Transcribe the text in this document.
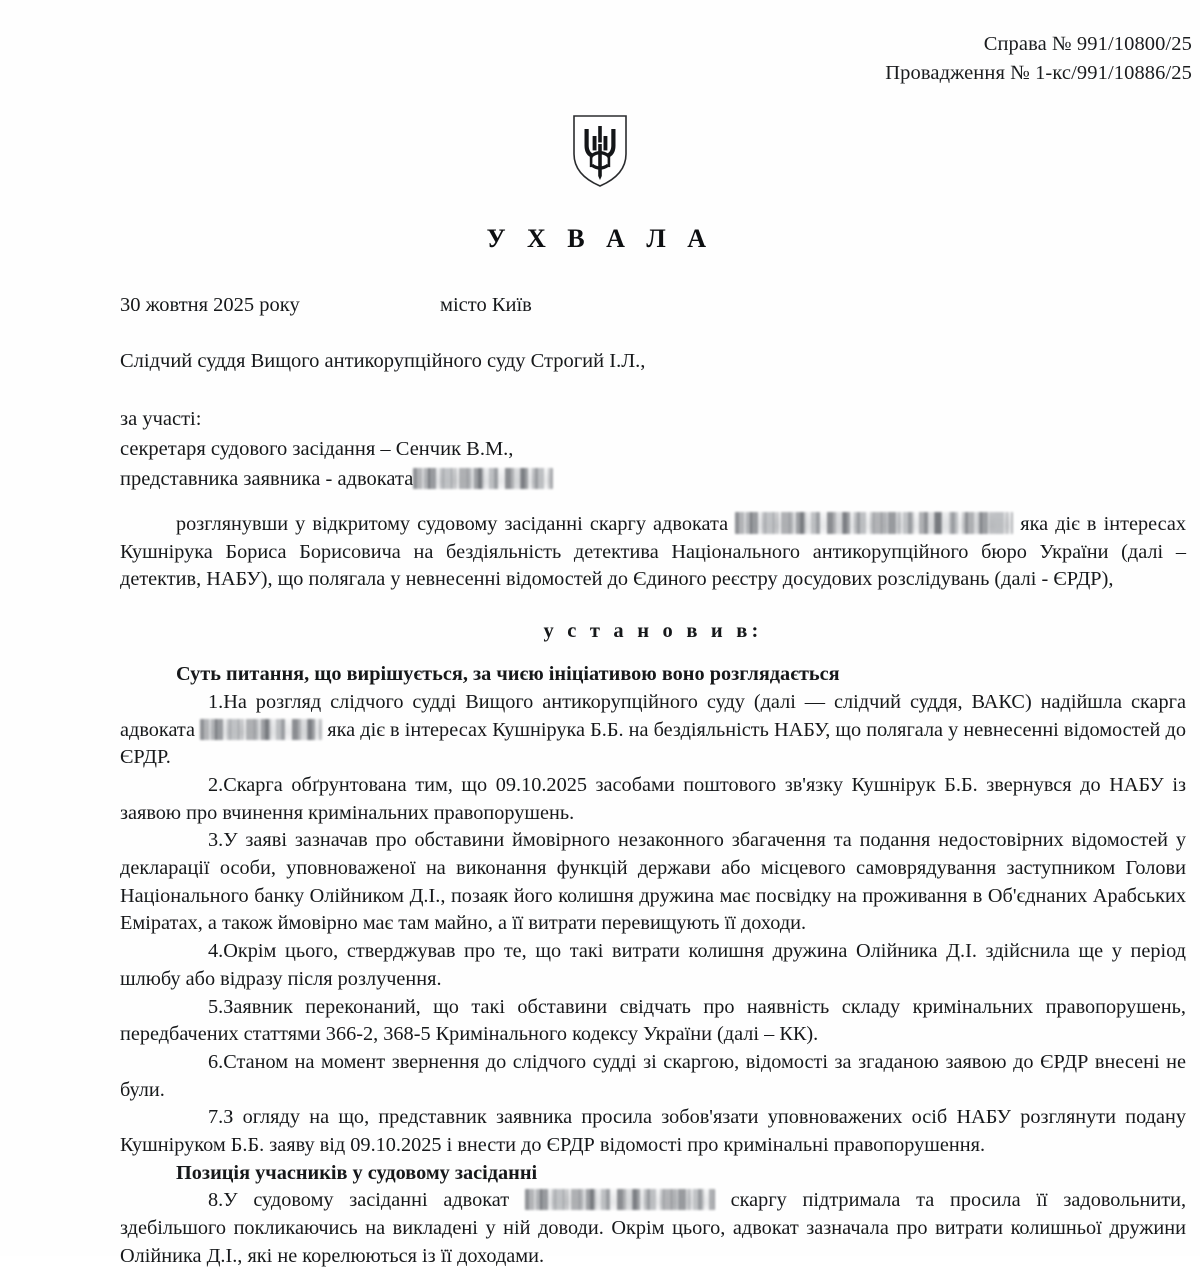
Справа № 991/10800/25
Провадження № 1-кс/991/10886/25
У Х В А Л А
30 жовтня 2025 року	місто Київ
Слідчий суддя Вищого антикорупційного суду Строгий І.Л.,
за участі:
секретаря судового засідання – Сенчик В.М.,
представника заявника - адвоката

розглянувши у відкритому судовому засіданні скаргу адвоката	яка діє в інтересах Кушнірука Бориса Борисовича на бездіяльність детектива Національного антикорупційного бюро України (далі – детектив, НАБУ), що полягала у невнесенні відомостей до Єдиного реєстру досудових розслідувань (далі - ЄРДР),

у с т а н о в и в:

Суть питання, що вирішується, за чиєю ініціативою воно розглядається

1.На розгляд слідчого судді Вищого антикорупційного суду (далі — слідчий суддя, ВАКС) надійшла скарга адвоката	яка діє в інтересах Кушнірука Б.Б. на бездіяльність НАБУ, що полягала у невнесенні відомостей до ЄРДР.

2.Скарга обґрунтована тим, що 09.10.2025 засобами поштового зв'язку Кушнірук Б.Б. звернувся до НАБУ із заявою про вчинення кримінальних правопорушень.

3.У заяві зазначав про обставини ймовірного незаконного збагачення та подання недостовірних відомостей у декларації особи, уповноваженої на виконання функцій держави або місцевого самоврядування заступником Голови Національного банку Олійником Д.І., позаяк його колишня дружина має посвідку на проживання в Об'єднаних Арабських Еміратах, а також ймовірно має там майно, а її витрати перевищують її доходи.

4.Окрім цього, стверджував про те, що такі витрати колишня дружина Олійника Д.І. здійснила ще у період шлюбу або відразу після розлучення.

5.Заявник переконаний, що такі обставини свідчать про наявність складу кримінальних правопорушень, передбачених статтями 366-2, 368-5 Кримінального кодексу України (далі – КК).

6.Станом на момент звернення до слідчого судді зі скаргою, відомості за згаданою заявою до ЄРДР внесені не були.

7.З огляду на що, представник заявника просила зобов'язати уповноважених осіб НАБУ розглянути подану Кушніруком Б.Б. заяву від 09.10.2025 і внести до ЄРДР відомості про кримінальні правопорушення.

Позиція учасників у судовому засіданні

8.У судовому засіданні адвокат	скаргу підтримала та просила її задовольнити, здебільшого покликаючись на викладені у ній доводи. Окрім цього, адвокат зазначала про витрати колишньої дружини Олійника Д.І., які не корелюються із її доходами.
